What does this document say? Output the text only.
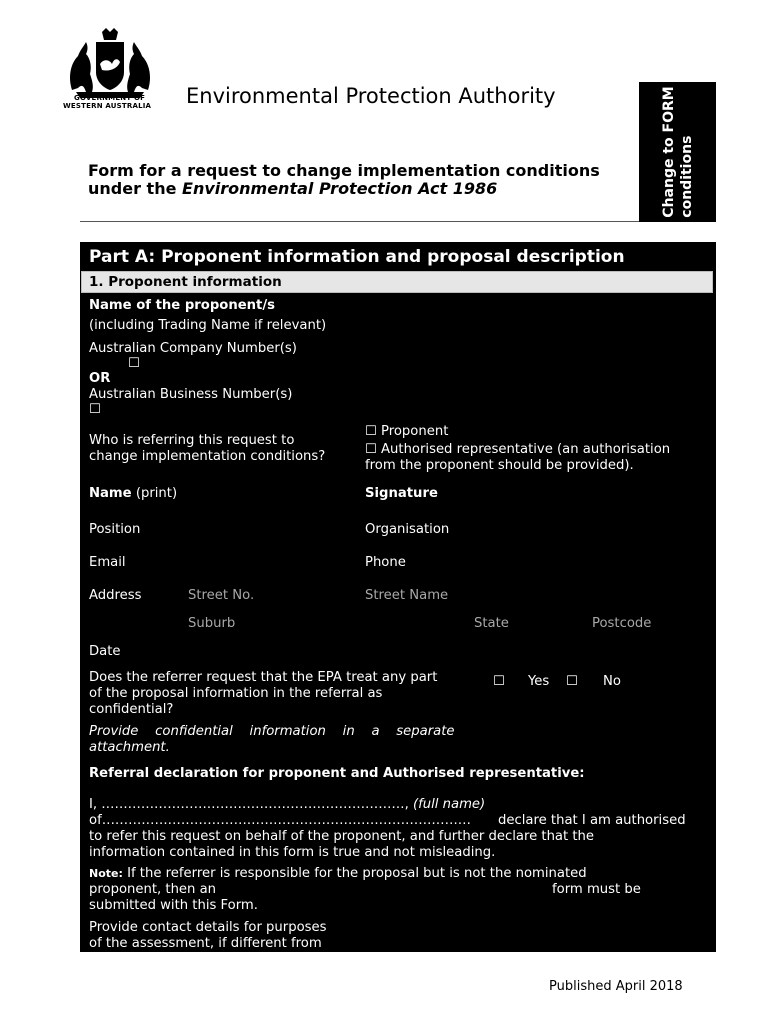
GOVERNMENT OF
WESTERN AUSTRALIA Environmental Protection Authority
Form for a request to change implementation conditions under the Environmental Protection Act 1986	Change to FORM conditions
Part A: Proponent information and proposal description
1. Proponent information
Name of the proponent/s
(including Trading Name if relevant)
Australian Company Number(s)
☐
OR
Australian Business Number(s)
☐
Who is referring this request to
change implementation conditions?
☐ Proponent
☐ Authorised representative (an authorisation
from the proponent should be provided).
Name (print)	Signature
Position	Organisation
Email	Phone
Address	Street No.	Street Name
Suburb	State	Postcode
Date
Does the referrer request that the EPA treat any part
of the proposal information in the referral as
confidential?
☐ Yes ☐ No
Provide    confidential    information    in    a    separate
attachment.
Referral declaration for proponent and Authorised representative:
I, ……………………………………………………………, (full name)
of………………………………………………………………………… declare that I am authorised
to refer this request on behalf of the proponent, and further declare that the
information contained in this form is true and not misleading.
Note: If the referrer is responsible for the proposal but is not the nominated
proponent, then an	form must be
submitted with this Form.
Provide contact details for purposes
of the assessment, if different from
Published April 2018
